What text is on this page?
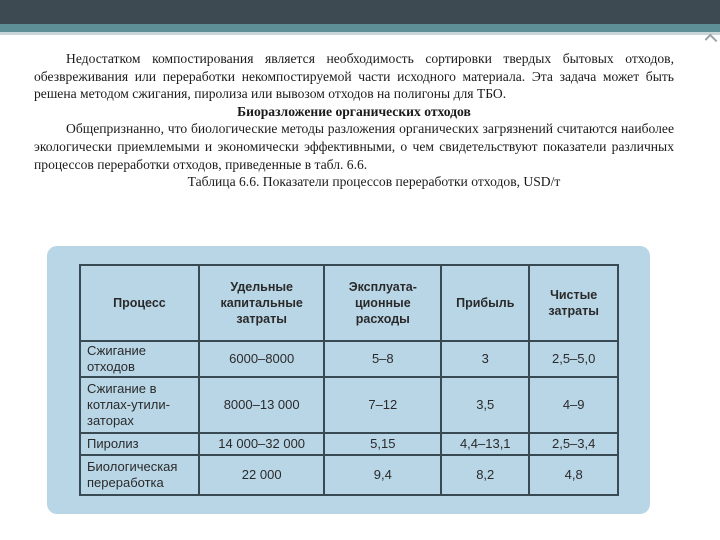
Недостатком компостирования является необходимость сортировки твердых бытовых отходов, обезвреживания или переработки некомпостируемой части исходного материала. Эта задача может быть решена методом сжигания, пиролиза или вывозом отходов на полигоны для ТБО.

Биоразложение органических отходов

Общепризнанно, что биологические методы разложения органических загрязнений считаются наиболее экологически приемлемыми и экономически эффективными, о чем свидетельствуют показатели различных процессов переработки отходов, приведенные в табл. 6.6.

Таблица 6.6. Показатели процессов переработки отходов, USD/т

Процесс	Удельные капитальные затраты	Эксплуата-ционные расходы	Прибыль	Чистые затраты
Сжигание отходов	6000–8000	5–8	3	2,5–5,0
Сжигание в котлах-утили-заторах	8000–13 000	7–12	3,5	4–9
Пиролиз	14 000–32 000	5,15	4,4–13,1	2,5–3,4
Биологическая переработка	22 000	9,4	8,2	4,8
